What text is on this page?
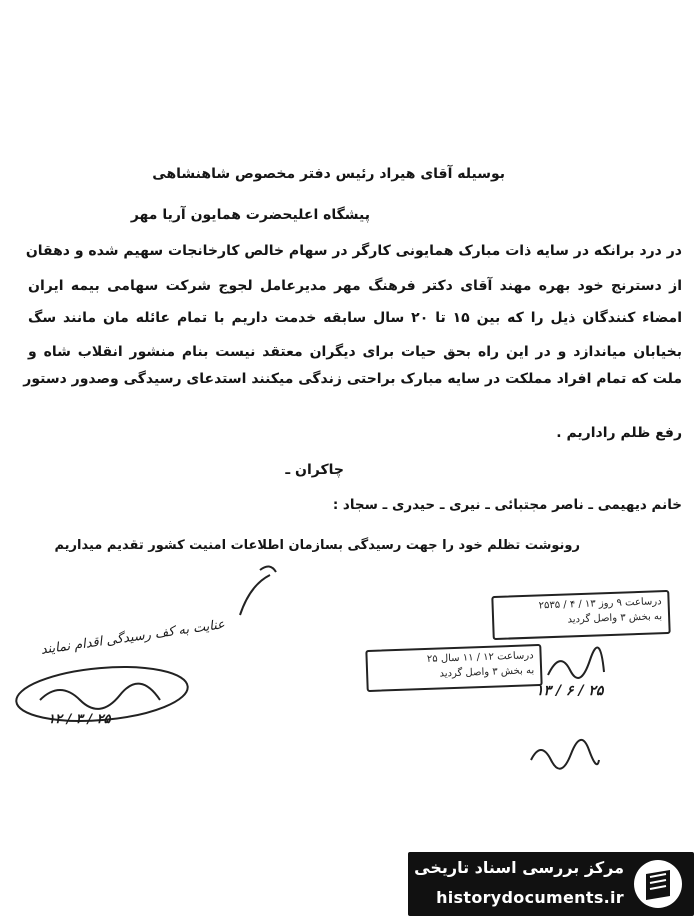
بوسیله آقای هیراد رئیس دفتر مخصوص شاهنشاهی
پیشگاه اعلیحضرت همایون آریا مهر
در درد برانکه در سایه ذات مبارک همایونی کارگر در سهام خالص کارخانجات سهیم شده و دهقان
از دسترنج خود بهره مهند آقای دکتر فرهنگ مهر مدیرعامل لجوج شرکت سهامی بیمه ایران
امضاء کنندگان ذیل را که بین ۱۵ تا ۲۰ سال سابقه خدمت داریم با تمام عائله مان مانند سگ
بخیابان میاندازد و در این راه بحق حیات برای دیگران معتقد نیست بنام منشور انقلاب شاه و
ملت که تمام افراد مملکت در سایه مبارک براحتی زندگی میکنند استدعای رسیدگی وصدور دستور
رفع ظلم راداریم .
چاکران ـ
خانم دیهیمی ـ ناصر مجتبائی ـ نیری ـ حیدری ـ سجاد :
رونوشت تظلم خود را جهت رسیدگی بسازمان اطلاعات امنیت کشور تقدیم میداریم
عنایت به کف رسیدگی اقدام نمایند
۲۵ / ۳ / ۱۲
درساعت ۹ روز ۱۳ / ۴ / ۲۵۳۵
به بخش ۳ واصل گردید
درساعت ۱۲ / ۱۱ سال ۲۵
به بخش ۳ واصل گردید
۲۵ / ۶ / ۱۳
مرکز بررسی اسناد تاریخی
historydocuments.ir
